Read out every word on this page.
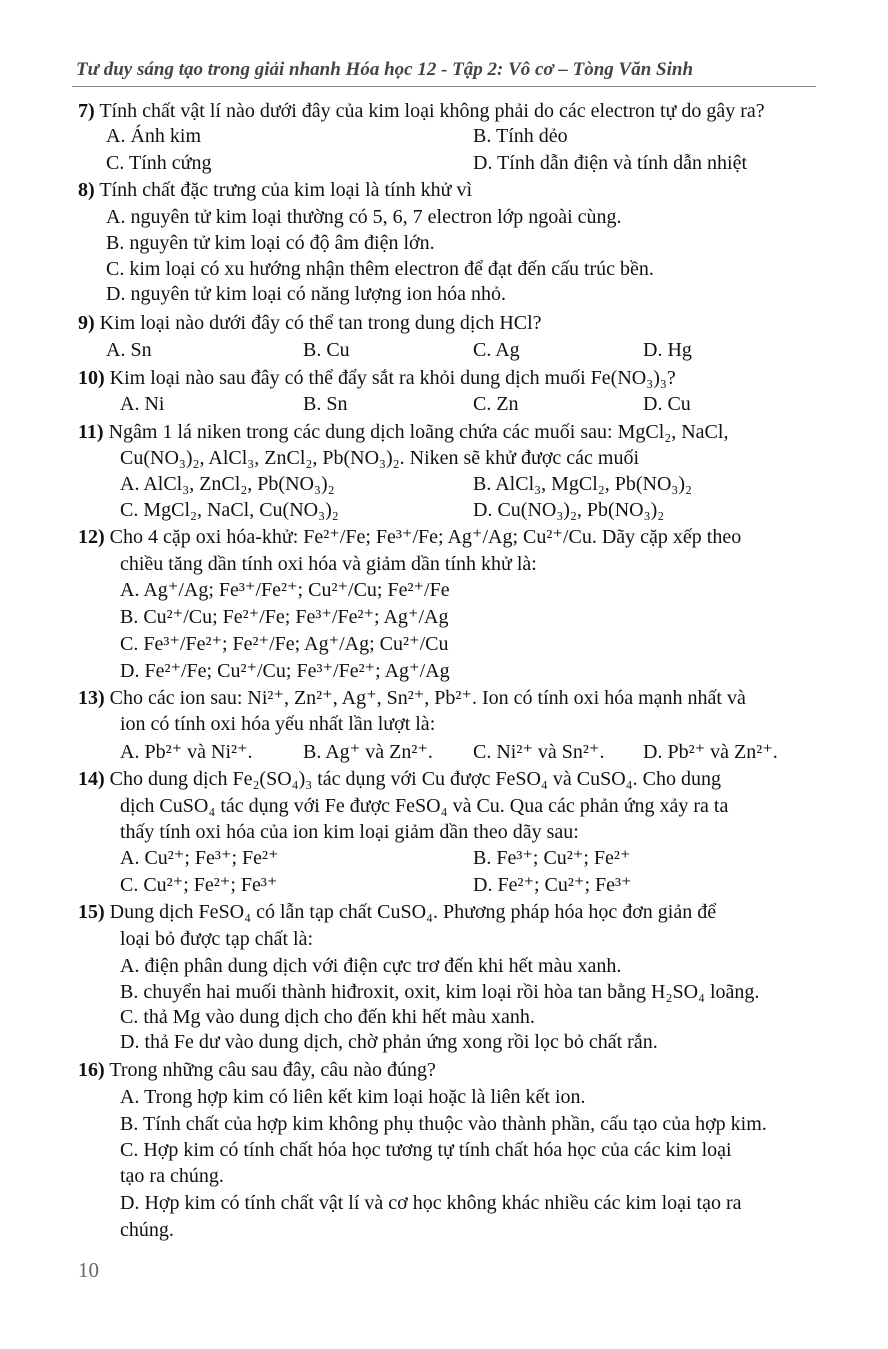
Tư duy sáng tạo trong giải nhanh Hóa học 12 - Tập 2: Vô cơ – Tòng Văn Sinh
7) Tính chất vật lí nào dưới đây của kim loại không phải do các electron tự do gây ra?
A. Ánh kim	B. Tính dẻo
C. Tính cứng	D. Tính dẫn điện và tính dẫn nhiệt
8) Tính chất đặc trưng của kim loại là tính khử vì
A. nguyên tử kim loại thường có 5, 6, 7 electron lớp ngoài cùng.
B. nguyên tử kim loại có độ âm điện lớn.
C. kim loại có xu hướng nhận thêm electron để đạt đến cấu trúc bền.
D. nguyên tử kim loại có năng lượng ion hóa nhỏ.
9) Kim loại nào dưới đây có thể tan trong dung dịch HCl?
A. Sn	B. Cu	C. Ag	D. Hg
10) Kim loại nào sau đây có thể đẩy sắt ra khỏi dung dịch muối Fe(NO₃)₃?
A. Ni	B. Sn	C. Zn	D. Cu
11) Ngâm 1 lá niken trong các dung dịch loãng chứa các muối sau: MgCl₂, NaCl,
Cu(NO₃)₂, AlCl₃, ZnCl₂, Pb(NO₃)₂. Niken sẽ khử được các muối
A. AlCl₃, ZnCl₂, Pb(NO₃)₂	B. AlCl₃, MgCl₂, Pb(NO₃)₂
C. MgCl₂, NaCl, Cu(NO₃)₂	D. Cu(NO₃)₂, Pb(NO₃)₂
12) Cho 4 cặp oxi hóa-khử: Fe²⁺/Fe; Fe³⁺/Fe; Ag⁺/Ag; Cu²⁺/Cu. Dãy cặp xếp theo
chiều tăng dần tính oxi hóa và giảm dần tính khử là:
A. Ag⁺/Ag; Fe³⁺/Fe²⁺; Cu²⁺/Cu; Fe²⁺/Fe
B. Cu²⁺/Cu; Fe²⁺/Fe; Fe³⁺/Fe²⁺; Ag⁺/Ag
C. Fe³⁺/Fe²⁺; Fe²⁺/Fe; Ag⁺/Ag; Cu²⁺/Cu
D. Fe²⁺/Fe; Cu²⁺/Cu; Fe³⁺/Fe²⁺; Ag⁺/Ag
13) Cho các ion sau: Ni²⁺, Zn²⁺, Ag⁺, Sn²⁺, Pb²⁺. Ion có tính oxi hóa mạnh nhất và
ion có tính oxi hóa yếu nhất lần lượt là:
A. Pb²⁺ và Ni²⁺.	B. Ag⁺ và Zn²⁺. C. Ni²⁺ và Sn²⁺. D. Pb²⁺ và Zn²⁺.
14) Cho dung dịch Fe₂(SO₄)₃ tác dụng với Cu được FeSO₄ và CuSO₄. Cho dung
dịch CuSO₄ tác dụng với Fe được FeSO₄ và Cu. Qua các phản ứng xảy ra ta
thấy tính oxi hóa của ion kim loại giảm dần theo dãy sau:
A. Cu²⁺; Fe³⁺; Fe²⁺	B. Fe³⁺; Cu²⁺; Fe²⁺
C. Cu²⁺; Fe²⁺; Fe³⁺	D. Fe²⁺; Cu²⁺; Fe³⁺
15) Dung dịch FeSO₄ có lẫn tạp chất CuSO₄. Phương pháp hóa học đơn giản để
loại bỏ được tạp chất là:
A. điện phân dung dịch với điện cực trơ đến khi hết màu xanh.
B. chuyển hai muối thành hiđroxit, oxit, kim loại rồi hòa tan bằng H₂SO₄ loãng.
C. thả Mg vào dung dịch cho đến khi hết màu xanh.
D. thả Fe dư vào dung dịch, chờ phản ứng xong rồi lọc bỏ chất rắn.
16) Trong những câu sau đây, câu nào đúng?
A. Trong hợp kim có liên kết kim loại hoặc là liên kết ion.
B. Tính chất của hợp kim không phụ thuộc vào thành phần, cấu tạo của hợp kim.
C. Hợp kim có tính chất hóa học tương tự tính chất hóa học của các kim loại
tạo ra chúng.
D. Hợp kim có tính chất vật lí và cơ học không khác nhiều các kim loại tạo ra
chúng.
10
